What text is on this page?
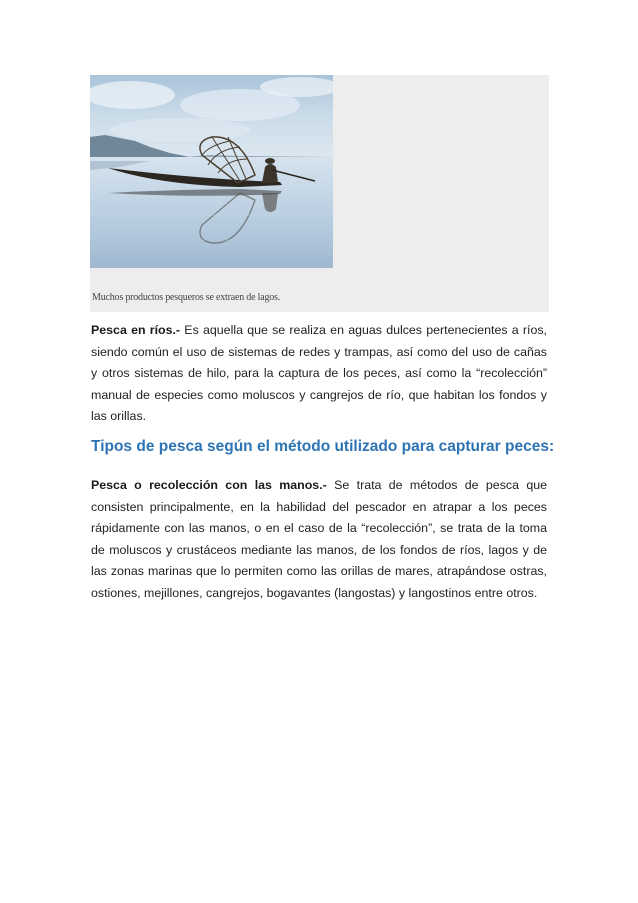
Muchos productos pesqueros se extraen de lagos.

Pesca en ríos.- Es aquella que se realiza en aguas dulces pertenecientes a ríos, siendo común el uso de sistemas de redes y trampas, así como del uso de cañas y otros sistemas de hilo, para la captura de los peces, así como la “recolección” manual de especies como moluscos y cangrejos de río, que habitan los fondos y las orillas.

Tipos de pesca según el método utilizado para capturar peces:

Pesca o recolección con las manos.- Se trata de métodos de pesca que consisten principalmente, en la habilidad del pescador en atrapar a los peces rápidamente con las manos, o en el caso de la “recolección”, se trata de la toma de moluscos y crustáceos mediante las manos, de los fondos de ríos, lagos y de las zonas marinas que lo permiten como las orillas de mares, atrapándose ostras, ostiones, mejillones, cangrejos, bogavantes (langostas) y langostinos entre otros.
